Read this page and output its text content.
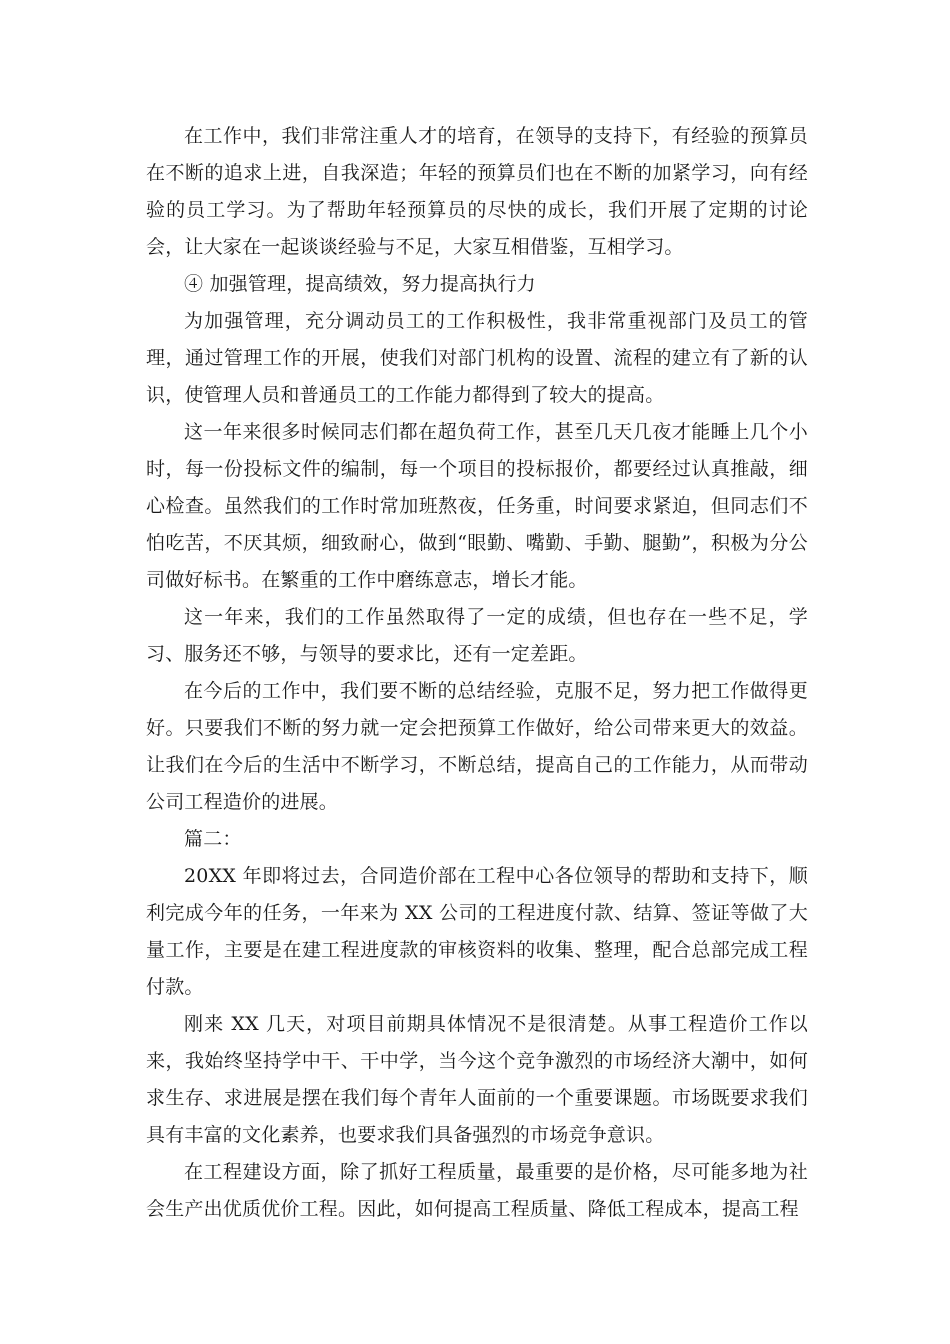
在工作中，我们非常注重人才的培育，在领导的支持下，有经验的预算员在不断的追求上进，自我深造；年轻的预算员们也在不断的加紧学习，向有经验的员工学习。为了帮助年轻预算员的尽快的成长，我们开展了定期的讨论会，让大家在一起谈谈经验与不足，大家互相借鉴，互相学习。

④ 加强管理，提高绩效，努力提高执行力

为加强管理，充分调动员工的工作积极性，我非常重视部门及员工的管理，通过管理工作的开展，使我们对部门机构的设置、流程的建立有了新的认识，使管理人员和普通员工的工作能力都得到了较大的提高。

这一年来很多时候同志们都在超负荷工作，甚至几天几夜才能睡上几个小时，每一份投标文件的编制，每一个项目的投标报价，都要经过认真推敲，细心检查。虽然我们的工作时常加班熬夜，任务重，时间要求紧迫，但同志们不怕吃苦，不厌其烦，细致耐心，做到“眼勤、嘴勤、手勤、腿勤”，积极为分公司做好标书。在繁重的工作中磨练意志，增长才能。

这一年来，我们的工作虽然取得了一定的成绩，但也存在一些不足，学习、服务还不够，与领导的要求比，还有一定差距。

在今后的工作中，我们要不断的总结经验，克服不足，努力把工作做得更好。只要我们不断的努力就一定会把预算工作做好，给公司带来更大的效益。让我们在今后的生活中不断学习，不断总结，提高自己的工作能力，从而带动公司工程造价的进展。

篇二：

20XX 年即将过去，合同造价部在工程中心各位领导的帮助和支持下，顺利完成今年的任务，一年来为 XX 公司的工程进度付款、结算、签证等做了大量工作，主要是在建工程进度款的审核资料的收集、整理，配合总部完成工程付款。

刚来 XX 几天，对项目前期具体情况不是很清楚。从事工程造价工作以来，我始终坚持学中干、干中学，当今这个竞争激烈的市场经济大潮中，如何求生存、求进展是摆在我们每个青年人面前的一个重要课题。市场既要求我们具有丰富的文化素养，也要求我们具备强烈的市场竞争意识。

在工程建设方面，除了抓好工程质量，最重要的是价格，尽可能多地为社会生产出优质优价工程。因此，如何提高工程质量、降低工程成本，提高工程
